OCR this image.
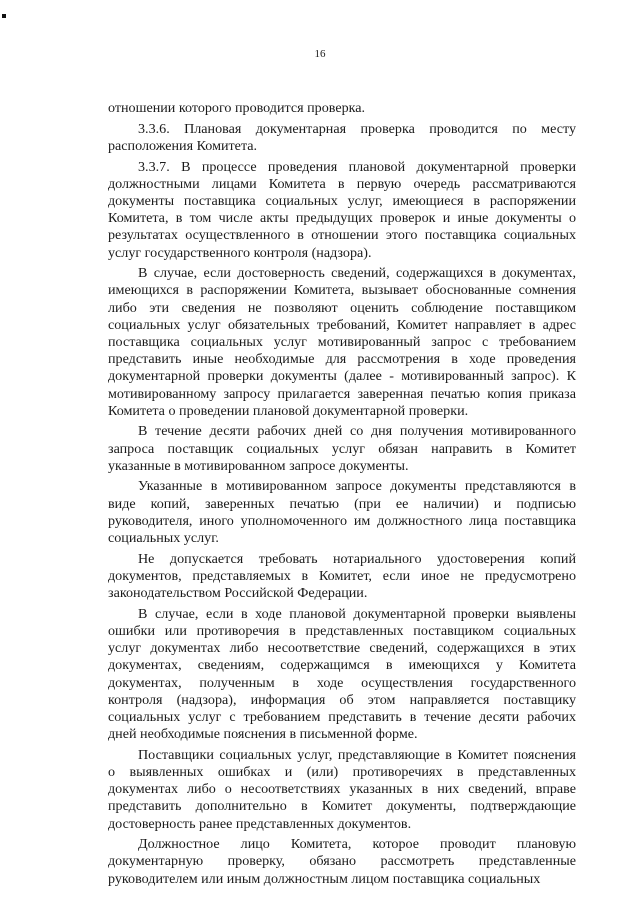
16
отношении которого проводится проверка.
3.3.6. Плановая документарная проверка проводится по месту
расположения Комитета.
3.3.7. В процессе проведения плановой документарной проверки
должностными лицами Комитета в первую очередь рассматриваются
документы поставщика социальных услуг, имеющиеся в распоряжении
Комитета, в том числе акты предыдущих проверок и иные документы о
результатах осуществленного в отношении этого поставщика социальных
услуг государственного контроля (надзора).
В случае, если достоверность сведений, содержащихся в документах,
имеющихся в распоряжении Комитета, вызывает обоснованные сомнения
либо эти сведения не позволяют оценить соблюдение поставщиком
социальных услуг обязательных требований, Комитет направляет в адрес
поставщика социальных услуг мотивированный запрос с требованием
представить иные необходимые для рассмотрения в ходе проведения
документарной проверки документы (далее - мотивированный запрос). К
мотивированному запросу прилагается заверенная печатью копия приказа
Комитета о проведении плановой документарной проверки.
В течение десяти рабочих дней со дня получения мотивированного
запроса поставщик социальных услуг обязан направить в Комитет
указанные в мотивированном запросе документы.
Указанные в мотивированном запросе документы представляются в
виде копий, заверенных печатью (при ее наличии) и подписью
руководителя, иного уполномоченного им должностного лица поставщика
социальных услуг.
Не допускается требовать нотариального удостоверения копий
документов, представляемых в Комитет, если иное не предусмотрено
законодательством Российской Федерации.
В случае, если в ходе плановой документарной проверки выявлены
ошибки или противоречия в представленных поставщиком социальных
услуг документах либо несоответствие сведений, содержащихся в этих
документах, сведениям, содержащимся в имеющихся у Комитета
документах, полученным в ходе осуществления государственного
контроля (надзора), информация об этом направляется поставщику
социальных услуг с требованием представить в течение десяти рабочих
дней необходимые пояснения в письменной форме.
Поставщики социальных услуг, представляющие в Комитет пояснения
о выявленных ошибках и (или) противоречиях в представленных
документах либо о несоответствиях указанных в них сведений, вправе
представить дополнительно в Комитет документы, подтверждающие
достоверность ранее представленных документов.
Должностное лицо Комитета, которое проводит плановую
документарную проверку, обязано рассмотреть представленные
руководителем или иным должностным лицом поставщика социальных
